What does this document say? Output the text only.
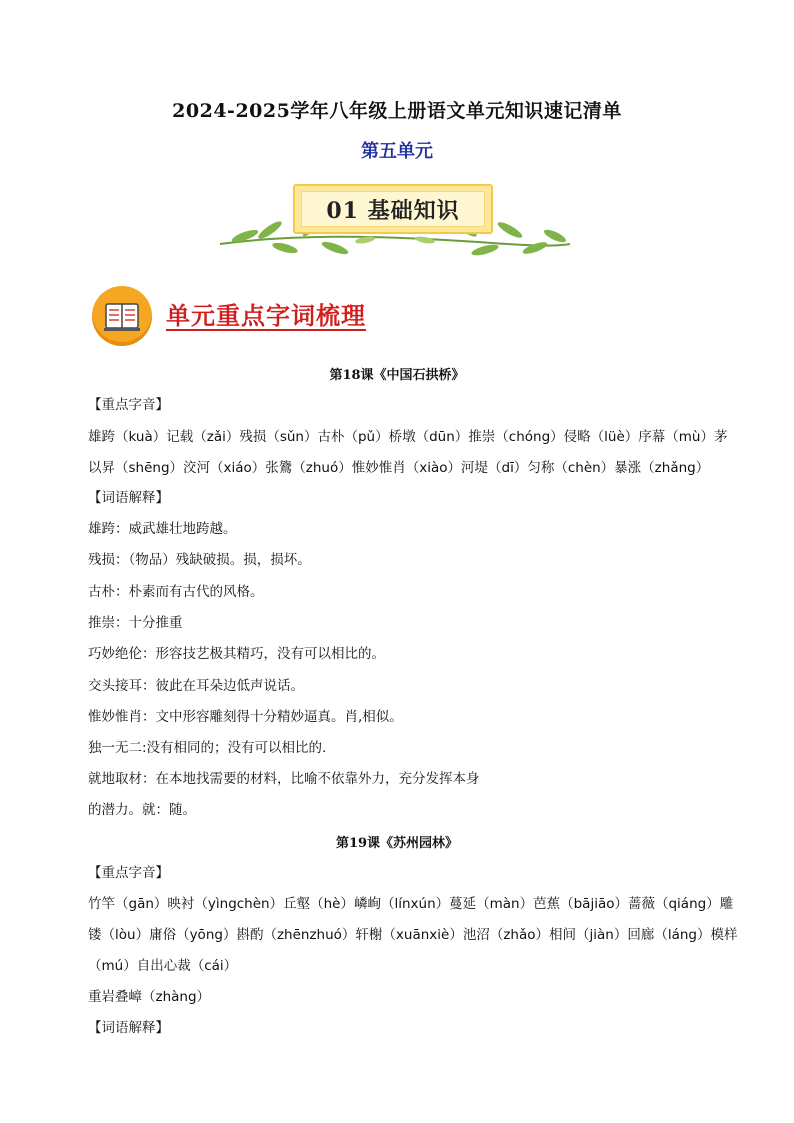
2024-2025学年八年级上册语文单元知识速记清单
第五单元
01 基础知识
单元重点字词梳理
第18课《中国石拱桥》
【重点字音】
雄跨（kuà）记载（zǎi）残损（sǔn）古朴（pǔ）桥墩（dūn）推崇（chóng）侵略（lüè）序幕（mù）茅
以昇（shēng）洨河（xiáo）张鷟（zhuó）惟妙惟肖（xiào）河堤（dī）匀称（chèn）暴涨（zhǎng）
【词语解释】
雄跨：威武雄壮地跨越。
残损：（物品）残缺破损。损，损坏。
古朴：朴素而有古代的风格。
推崇：十分推重
巧妙绝伦：形容技艺极其精巧，没有可以相比的。
交头接耳：彼此在耳朵边低声说话。
惟妙惟肖：文中形容雕刻得十分精妙逼真。肖,相似。
独一无二:没有相同的；没有可以相比的.
就地取材：在本地找需要的材料，比喻不依靠外力，充分发挥本身
的潜力。就：随。
第19课《苏州园林》
【重点字音】
竹竿（gān）映衬（yìngchèn）丘壑（hè）嶙峋（línxún）蔓延（màn）芭蕉（bājiāo）蔷薇（qiáng）雕
镂（lòu）庸俗（yōng）斟酌（zhēnzhuó）轩榭（xuānxiè）池沼（zhǎo）相间（jiàn）回廊（láng）模样
（mú）自出心裁（cái）
重岩叠嶂（zhàng）
【词语解释】
